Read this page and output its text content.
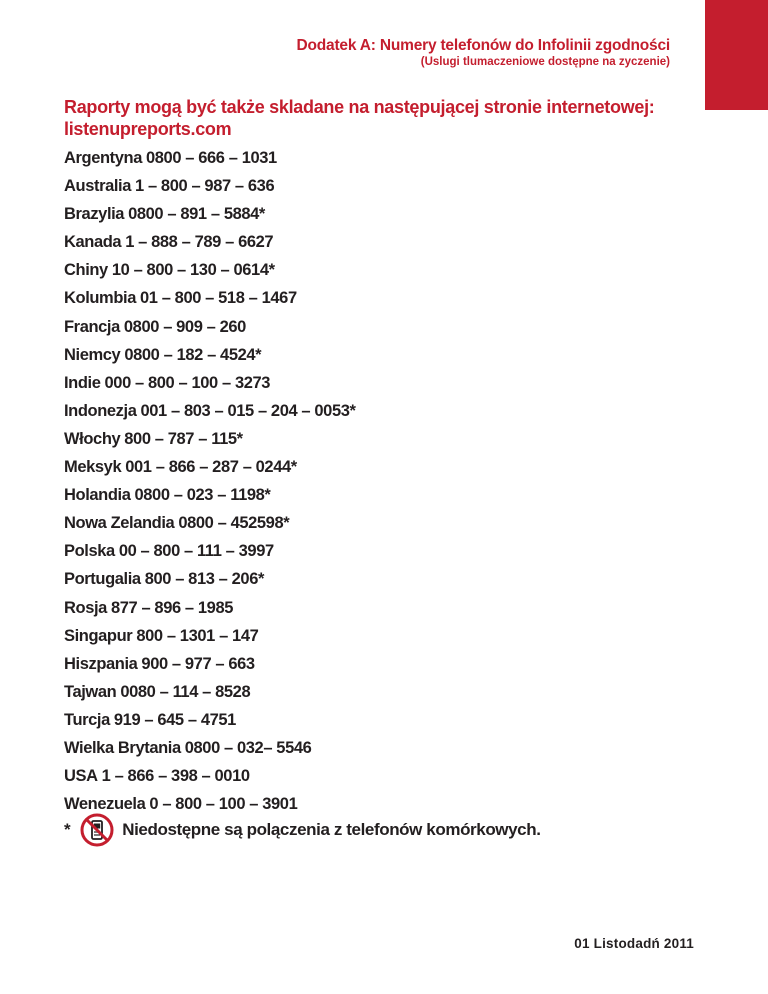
Dodatek A: Numery telefonów do Infolinii zgodności
(Uslugi tlumaczeniowe dostępne na zyczenie)
Raporty mogą być także skladane na następującej stronie internetowej: listenupreports.com
Argentyna 0800 – 666 – 1031
Australia 1 – 800 – 987 – 636
Brazylia 0800 – 891 – 5884*
Kanada 1 – 888 – 789 – 6627
Chiny 10 – 800 – 130 – 0614*
Kolumbia 01 – 800 – 518 – 1467
Francja 0800 – 909 – 260
Niemcy 0800 – 182 – 4524*
Indie 000 – 800 – 100 – 3273
Indonezja 001 – 803 – 015 – 204 – 0053*
Włochy 800 – 787 – 115*
Meksyk 001 – 866 – 287 – 0244*
Holandia 0800 – 023 – 1198*
Nowa Zelandia 0800 – 452598*
Polska 00 – 800 – 111 – 3997
Portugalia 800 – 813 – 206*
Rosja 877 – 896 – 1985
Singapur 800 – 1301 – 147
Hiszpania 900 – 977 – 663
Tajwan 0080 – 114 – 8528
Turcja 919 – 645 – 4751
Wielka Brytania 0800 – 032– 5546
USA 1 – 866 – 398 – 0010
Wenezuela 0 – 800 – 100 – 3901
*	Niedostępne są polączenia z telefonów komórkowych.
01 Listodadń 2011
